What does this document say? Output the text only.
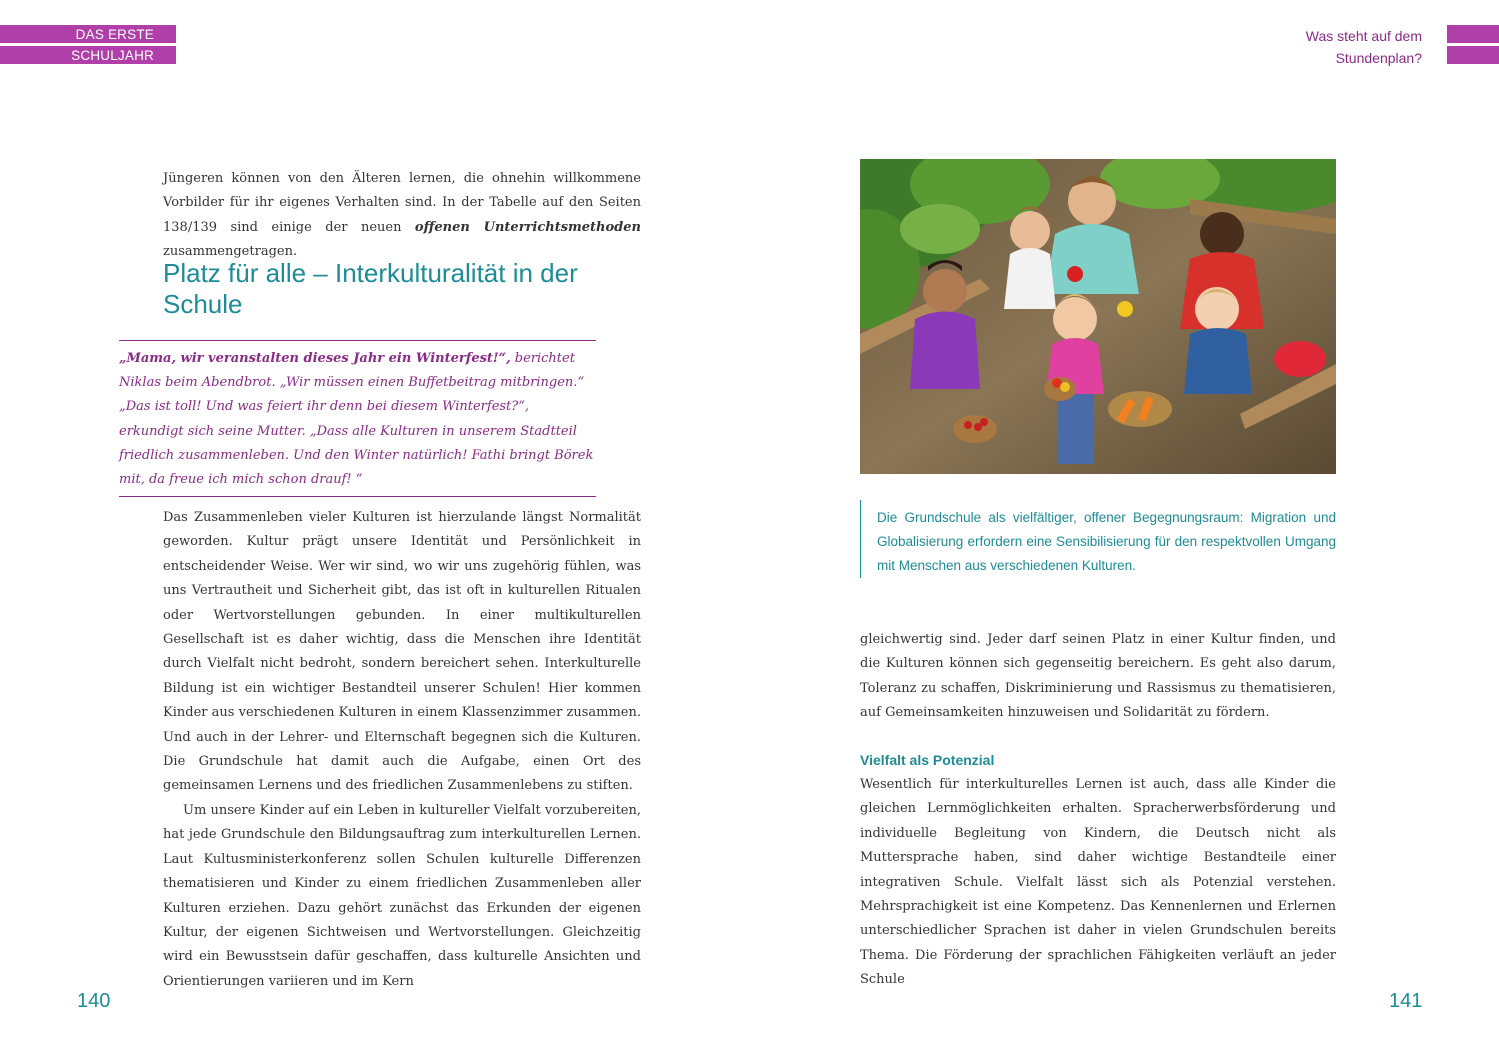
DAS ERSTE
SCHULJAHR
Was steht auf dem
Stundenplan?

Jüngeren können von den Älteren lernen, die ohnehin willkommene Vorbilder für ihr eigenes Verhalten sind. In der Tabelle auf den Seiten 138/139 sind einige der neuen offenen Unterrichtsmethoden zusammengetragen.

Platz für alle – Interkulturalität in der Schule

„Mama, wir veranstalten dieses Jahr ein Winterfest!“, berichtet Niklas beim Abendbrot. „Wir müssen einen Buffetbeitrag mitbringen.“ „Das ist toll! Und was feiert ihr denn bei diesem Winterfest?“, erkundigt sich seine Mutter. „Dass alle Kulturen in unserem Stadtteil friedlich zusammenleben. Und den Winter natürlich! Fathi bringt Börek mit, da freue ich mich schon drauf! “

Das Zusammenleben vieler Kulturen ist hierzulande längst Normalität geworden. Kultur prägt unsere Identität und Persönlichkeit in entscheidender Weise. Wer wir sind, wo wir uns zugehörig fühlen, was uns Vertrautheit und Sicherheit gibt, das ist oft in kulturellen Ritualen oder Wertvorstellungen gebunden. In einer multikulturellen Gesellschaft ist es daher wichtig, dass die Menschen ihre Identität durch Vielfalt nicht bedroht, sondern bereichert sehen. Interkulturelle Bildung ist ein wichtiger Bestandteil unserer Schulen! Hier kommen Kinder aus verschiedenen Kulturen in einem Klassenzimmer zusammen. Und auch in der Lehrer- und Elternschaft begegnen sich die Kulturen. Die Grundschule hat damit auch die Aufgabe, einen Ort des gemeinsamen Lernens und des friedlichen Zusammenlebens zu stiften.

Um unsere Kinder auf ein Leben in kultureller Vielfalt vorzubereiten, hat jede Grundschule den Bildungsauftrag zum interkulturellen Lernen. Laut Kultusministerkonferenz sollen Schulen kulturelle Differenzen thematisieren und Kinder zu einem friedlichen Zusammenleben aller Kulturen erziehen. Dazu gehört zunächst das Erkunden der eigenen Kultur, der eigenen Sichtweisen und Wertvorstellungen. Gleichzeitig wird ein Bewusstsein dafür geschaffen, dass kulturelle Ansichten und Orientierungen variieren und im Kern

140

Die Grundschule als vielfältiger, offener Begegnungsraum: Migration und Globalisierung erfordern eine Sensibilisierung für den respektvollen Umgang mit Menschen aus verschiedenen Kulturen.

gleichwertig sind. Jeder darf seinen Platz in einer Kultur finden, und die Kulturen können sich gegenseitig bereichern. Es geht also darum, Toleranz zu schaffen, Diskriminierung und Rassismus zu thematisieren, auf Gemeinsamkeiten hinzuweisen und Solidarität zu fördern.

Vielfalt als Potenzial

Wesentlich für interkulturelles Lernen ist auch, dass alle Kinder die gleichen Lernmöglichkeiten erhalten. Spracherwerbsförderung und individuelle Begleitung von Kindern, die Deutsch nicht als Muttersprache haben, sind daher wichtige Bestandteile einer integrativen Schule. Vielfalt lässt sich als Potenzial verstehen. Mehrsprachigkeit ist eine Kompetenz. Das Kennenlernen und Erlernen unterschiedlicher Sprachen ist daher in vielen Grundschulen bereits Thema. Die Förderung der sprachlichen Fähigkeiten verläuft an jeder Schule

141
